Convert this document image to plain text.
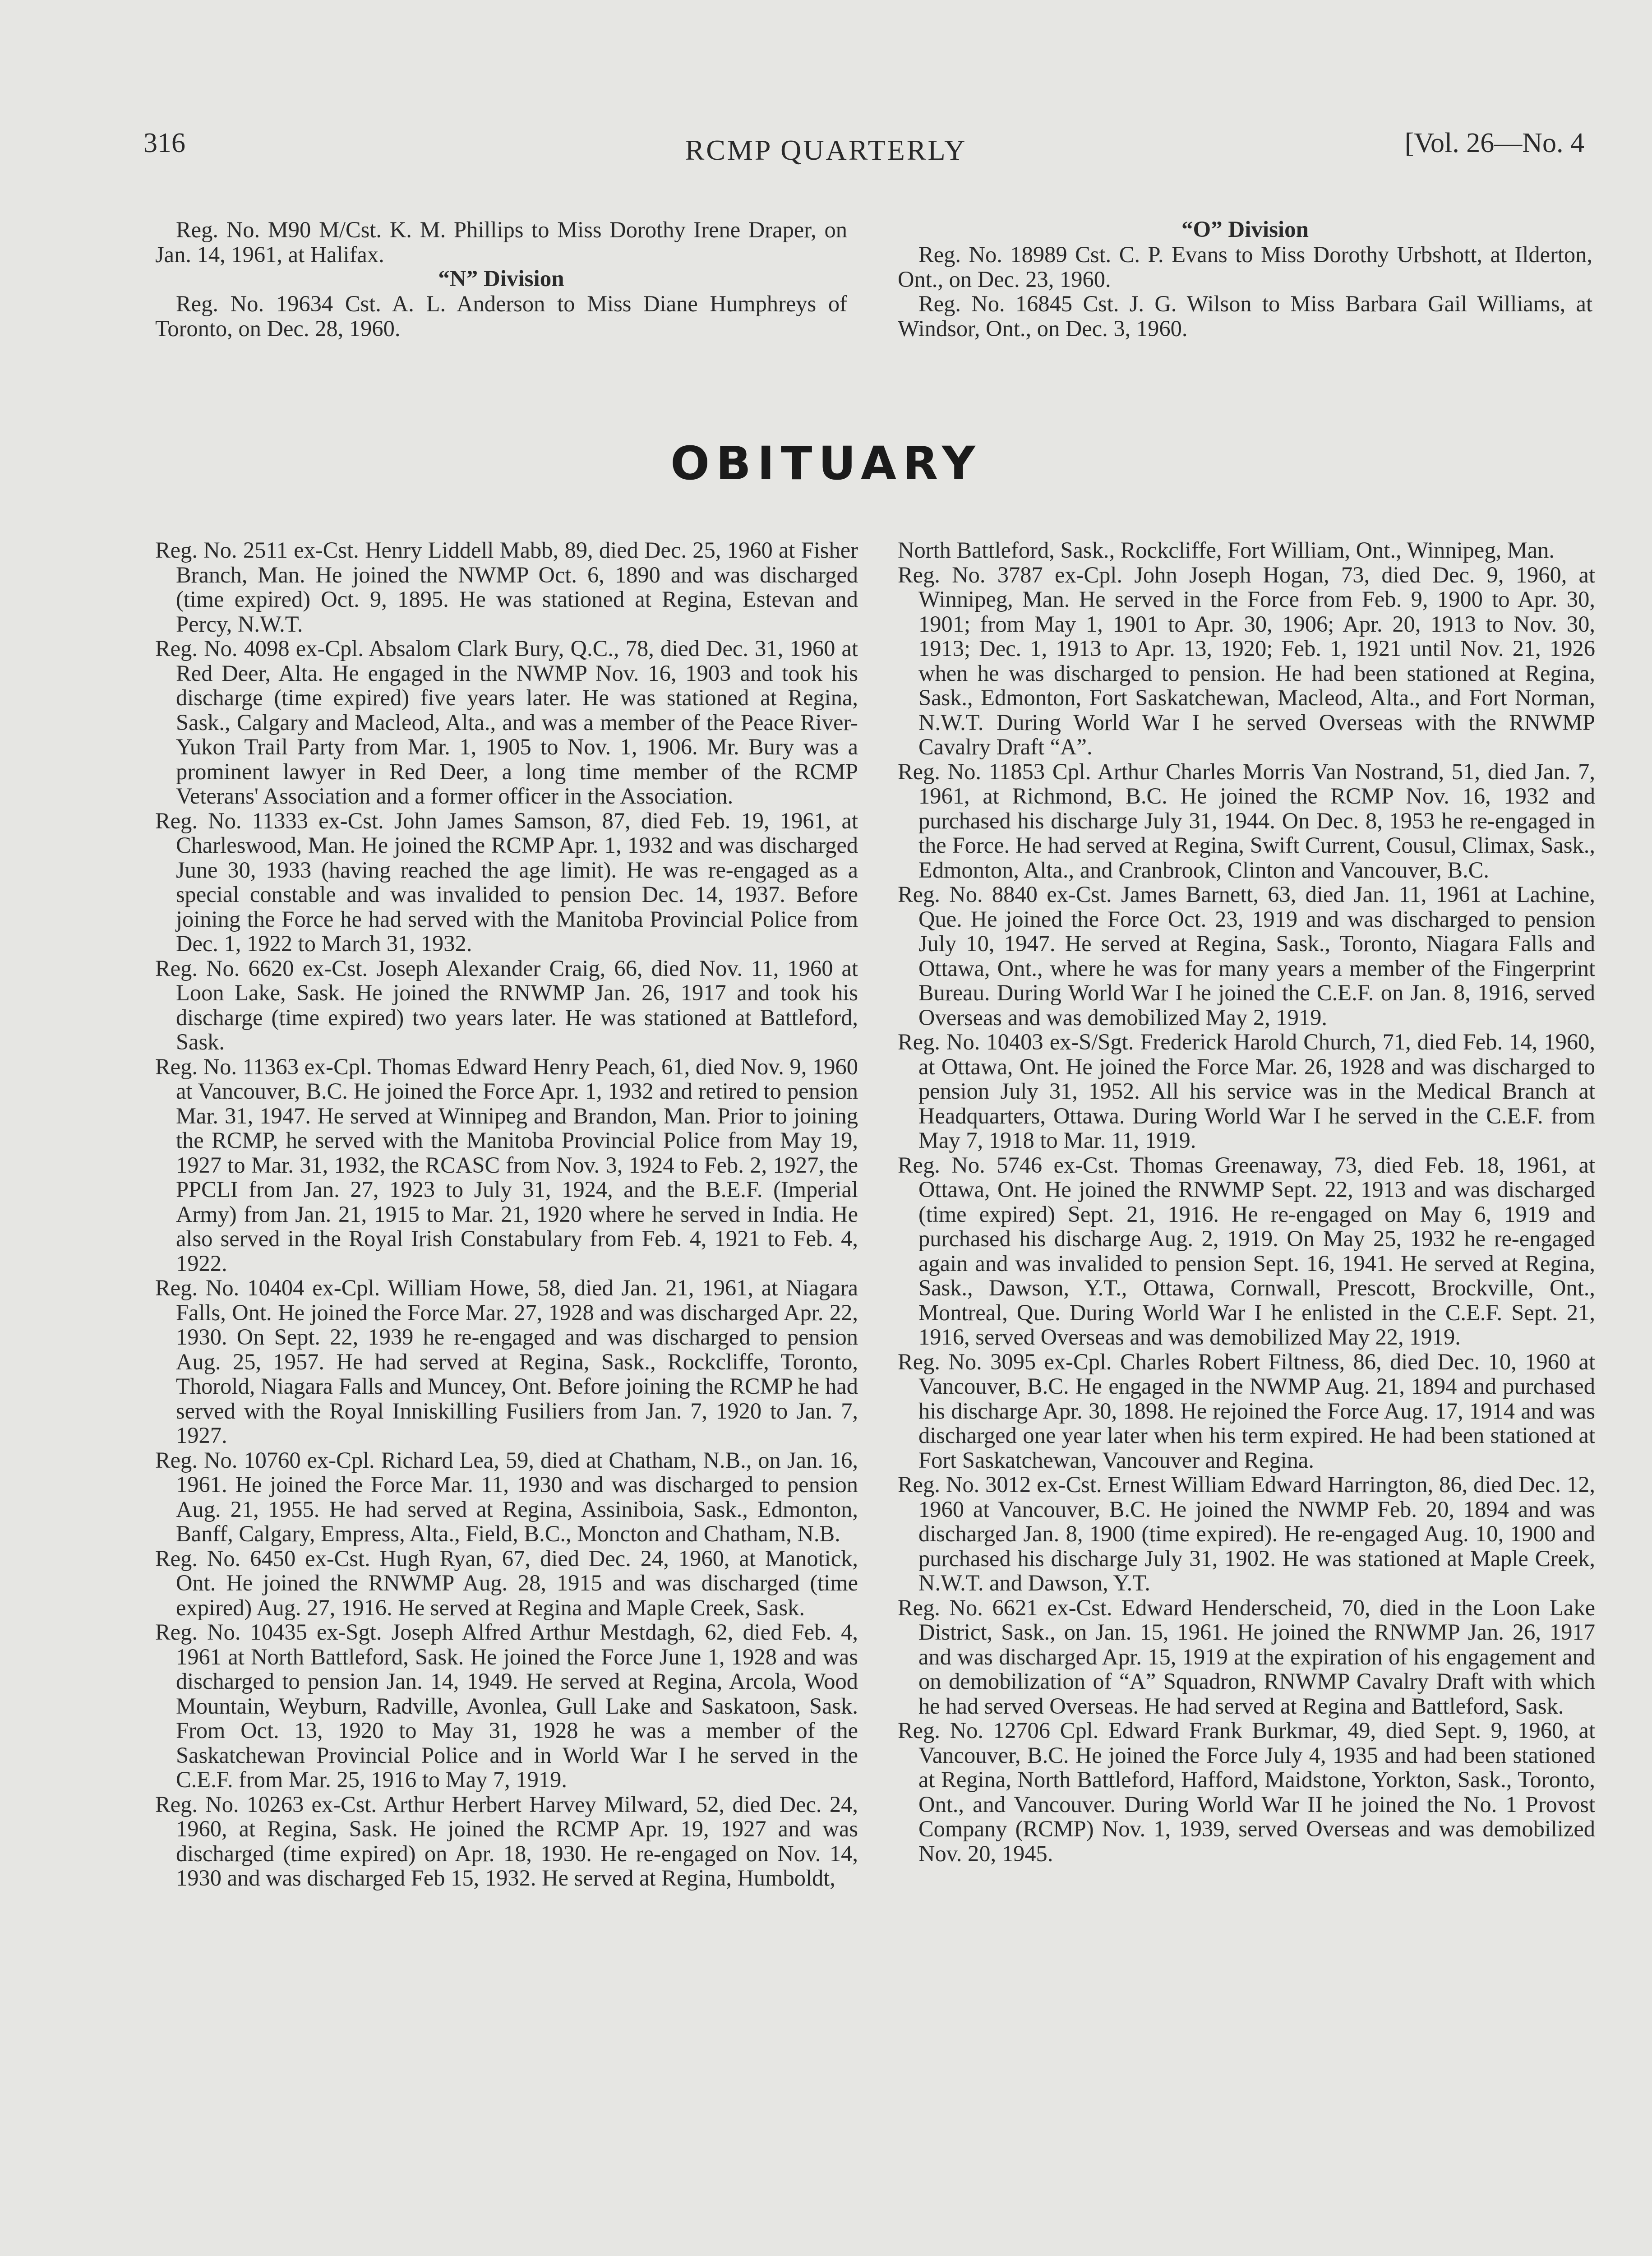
316	RCMP QUARTERLY	[Vol. 26—No. 4

Reg. No. M90 M/Cst. K. M. Phillips to Miss Dorothy Irene Draper, on Jan. 14, 1961, at Halifax.

“N” Division

Reg. No. 19634 Cst. A. L. Anderson to Miss Diane Humphreys of Toronto, on Dec. 28, 1960.

“O” Division

Reg. No. 18989 Cst. C. P. Evans to Miss Dorothy Urbshott, at Ilderton, Ont., on Dec. 23, 1960.

Reg. No. 16845 Cst. J. G. Wilson to Miss Barbara Gail Williams, at Windsor, Ont., on Dec. 3, 1960.

OBITUARY

Reg. No. 2511 ex-Cst. Henry Liddell Mabb, 89, died Dec. 25, 1960 at Fisher Branch, Man. He joined the NWMP Oct. 6, 1890 and was discharged (time expired) Oct. 9, 1895. He was stationed at Regina, Estevan and Percy, N.W.T.

Reg. No. 4098 ex-Cpl. Absalom Clark Bury, Q.C., 78, died Dec. 31, 1960 at Red Deer, Alta. He engaged in the NWMP Nov. 16, 1903 and took his discharge (time expired) five years later. He was stationed at Regina, Sask., Calgary and Macleod, Alta., and was a member of the Peace River-Yukon Trail Party from Mar. 1, 1905 to Nov. 1, 1906. Mr. Bury was a prominent lawyer in Red Deer, a long time member of the RCMP Veterans' Association and a former officer in the Association.

Reg. No. 11333 ex-Cst. John James Samson, 87, died Feb. 19, 1961, at Charleswood, Man. He joined the RCMP Apr. 1, 1932 and was discharged June 30, 1933 (having reached the age limit). He was re-engaged as a special constable and was invalided to pension Dec. 14, 1937. Before joining the Force he had served with the Manitoba Provincial Police from Dec. 1, 1922 to March 31, 1932.

Reg. No. 6620 ex-Cst. Joseph Alexander Craig, 66, died Nov. 11, 1960 at Loon Lake, Sask. He joined the RNWMP Jan. 26, 1917 and took his discharge (time expired) two years later. He was stationed at Battleford, Sask.

Reg. No. 11363 ex-Cpl. Thomas Edward Henry Peach, 61, died Nov. 9, 1960 at Vancouver, B.C. He joined the Force Apr. 1, 1932 and retired to pension Mar. 31, 1947. He served at Winnipeg and Brandon, Man. Prior to joining the RCMP, he served with the Manitoba Provincial Police from May 19, 1927 to Mar. 31, 1932, the RCASC from Nov. 3, 1924 to Feb. 2, 1927, the PPCLI from Jan. 27, 1923 to July 31, 1924, and the B.E.F. (Imperial Army) from Jan. 21, 1915 to Mar. 21, 1920 where he served in India. He also served in the Royal Irish Constabulary from Feb. 4, 1921 to Feb. 4, 1922.

Reg. No. 10404 ex-Cpl. William Howe, 58, died Jan. 21, 1961, at Niagara Falls, Ont. He joined the Force Mar. 27, 1928 and was discharged Apr. 22, 1930. On Sept. 22, 1939 he re-engaged and was discharged to pension Aug. 25, 1957. He had served at Regina, Sask., Rockcliffe, Toronto, Thorold, Niagara Falls and Muncey, Ont. Before joining the RCMP he had served with the Royal Inniskilling Fusiliers from Jan. 7, 1920 to Jan. 7, 1927.

Reg. No. 10760 ex-Cpl. Richard Lea, 59, died at Chatham, N.B., on Jan. 16, 1961. He joined the Force Mar. 11, 1930 and was discharged to pension Aug. 21, 1955. He had served at Regina, Assiniboia, Sask., Edmonton, Banff, Calgary, Empress, Alta., Field, B.C., Moncton and Chatham, N.B.

Reg. No. 6450 ex-Cst. Hugh Ryan, 67, died Dec. 24, 1960, at Manotick, Ont. He joined the RNWMP Aug. 28, 1915 and was discharged (time expired) Aug. 27, 1916. He served at Regina and Maple Creek, Sask.

Reg. No. 10435 ex-Sgt. Joseph Alfred Arthur Mestdagh, 62, died Feb. 4, 1961 at North Battleford, Sask. He joined the Force June 1, 1928 and was discharged to pension Jan. 14, 1949. He served at Regina, Arcola, Wood Mountain, Weyburn, Radville, Avonlea, Gull Lake and Saskatoon, Sask. From Oct. 13, 1920 to May 31, 1928 he was a member of the Saskatchewan Provincial Police and in World War I he served in the C.E.F. from Mar. 25, 1916 to May 7, 1919.

Reg. No. 10263 ex-Cst. Arthur Herbert Harvey Milward, 52, died Dec. 24, 1960, at Regina, Sask. He joined the RCMP Apr. 19, 1927 and was discharged (time expired) on Apr. 18, 1930. He re-engaged on Nov. 14, 1930 and was discharged Feb 15, 1932. He served at Regina, Humboldt,

North Battleford, Sask., Rockcliffe, Fort William, Ont., Winnipeg, Man.

Reg. No. 3787 ex-Cpl. John Joseph Hogan, 73, died Dec. 9, 1960, at Winnipeg, Man. He served in the Force from Feb. 9, 1900 to Apr. 30, 1901; from May 1, 1901 to Apr. 30, 1906; Apr. 20, 1913 to Nov. 30, 1913; Dec. 1, 1913 to Apr. 13, 1920; Feb. 1, 1921 until Nov. 21, 1926 when he was discharged to pension. He had been stationed at Regina, Sask., Edmonton, Fort Saskatchewan, Macleod, Alta., and Fort Norman, N.W.T. During World War I he served Overseas with the RNWMP Cavalry Draft “A”.

Reg. No. 11853 Cpl. Arthur Charles Morris Van Nostrand, 51, died Jan. 7, 1961, at Richmond, B.C. He joined the RCMP Nov. 16, 1932 and purchased his discharge July 31, 1944. On Dec. 8, 1953 he re-engaged in the Force. He had served at Regina, Swift Current, Cousul, Climax, Sask., Edmonton, Alta., and Cranbrook, Clinton and Vancouver, B.C.

Reg. No. 8840 ex-Cst. James Barnett, 63, died Jan. 11, 1961 at Lachine, Que. He joined the Force Oct. 23, 1919 and was discharged to pension July 10, 1947. He served at Regina, Sask., Toronto, Niagara Falls and Ottawa, Ont., where he was for many years a member of the Fingerprint Bureau. During World War I he joined the C.E.F. on Jan. 8, 1916, served Overseas and was demobilized May 2, 1919.

Reg. No. 10403 ex-S/Sgt. Frederick Harold Church, 71, died Feb. 14, 1960, at Ottawa, Ont. He joined the Force Mar. 26, 1928 and was discharged to pension July 31, 1952. All his service was in the Medical Branch at Headquarters, Ottawa. During World War I he served in the C.E.F. from May 7, 1918 to Mar. 11, 1919.

Reg. No. 5746 ex-Cst. Thomas Greenaway, 73, died Feb. 18, 1961, at Ottawa, Ont. He joined the RNWMP Sept. 22, 1913 and was discharged (time expired) Sept. 21, 1916. He re-engaged on May 6, 1919 and purchased his discharge Aug. 2, 1919. On May 25, 1932 he re-engaged again and was invalided to pension Sept. 16, 1941. He served at Regina, Sask., Dawson, Y.T., Ottawa, Cornwall, Prescott, Brockville, Ont., Montreal, Que. During World War I he enlisted in the C.E.F. Sept. 21, 1916, served Overseas and was demobilized May 22, 1919.

Reg. No. 3095 ex-Cpl. Charles Robert Filtness, 86, died Dec. 10, 1960 at Vancouver, B.C. He engaged in the NWMP Aug. 21, 1894 and purchased his discharge Apr. 30, 1898. He rejoined the Force Aug. 17, 1914 and was discharged one year later when his term expired. He had been stationed at Fort Saskatchewan, Vancouver and Regina.

Reg. No. 3012 ex-Cst. Ernest William Edward Harrington, 86, died Dec. 12, 1960 at Vancouver, B.C. He joined the NWMP Feb. 20, 1894 and was discharged Jan. 8, 1900 (time expired). He re-engaged Aug. 10, 1900 and purchased his discharge July 31, 1902. He was stationed at Maple Creek, N.W.T. and Dawson, Y.T.

Reg. No. 6621 ex-Cst. Edward Henderscheid, 70, died in the Loon Lake District, Sask., on Jan. 15, 1961. He joined the RNWMP Jan. 26, 1917 and was discharged Apr. 15, 1919 at the expiration of his engagement and on demobilization of “A” Squadron, RNWMP Cavalry Draft with which he had served Overseas. He had served at Regina and Battleford, Sask.

Reg. No. 12706 Cpl. Edward Frank Burkmar, 49, died Sept. 9, 1960, at Vancouver, B.C. He joined the Force July 4, 1935 and had been stationed at Regina, North Battleford, Hafford, Maidstone, Yorkton, Sask., Toronto, Ont., and Vancouver. During World War II he joined the No. 1 Provost Company (RCMP) Nov. 1, 1939, served Overseas and was demobilized Nov. 20, 1945.
